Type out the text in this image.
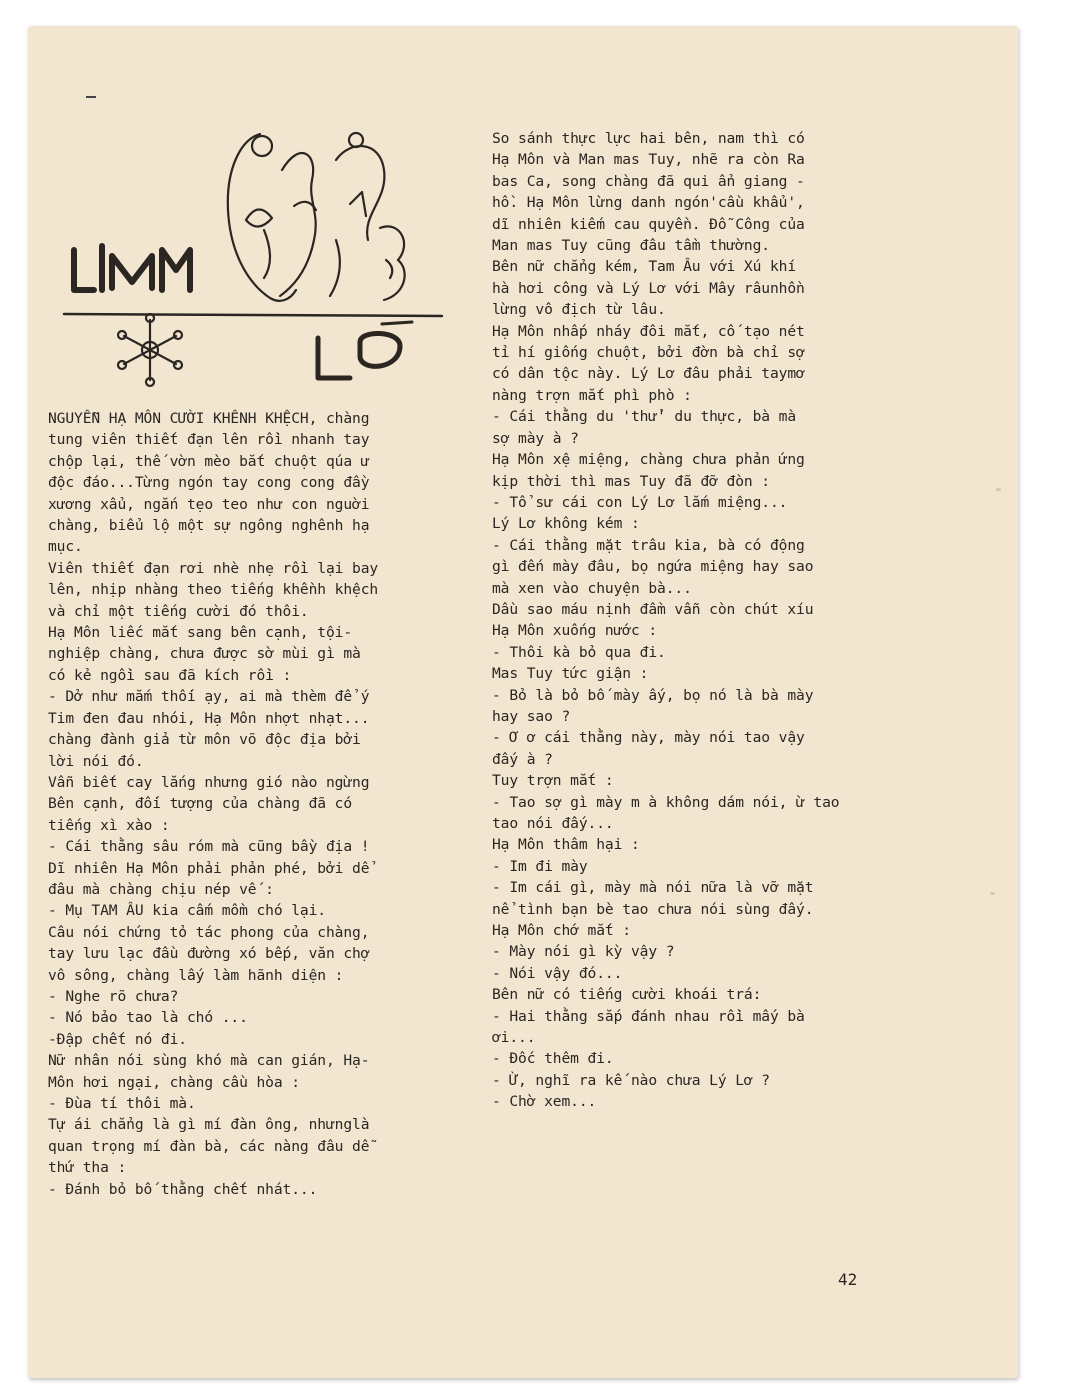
NGUYỄN HẠ MÔN CƯỜI KHÊNH KHỆCH, chàng
tung viên thiết đạn lên rồi nhanh tay
chộp lại, thế vờn mèo bắt chuột qúa ư
độc đáo...Từng ngón tay cong cong đầy
xương xẩu, ngắn tẹo teo như con nguời
chàng, biểu lộ một sự ngông nghênh hạ
mục.
Viên thiết đạn rơi nhè nhẹ rồi lại bay
lên, nhịp nhàng theo tiếng khềnh khệch
và chỉ một tiếng cười đó thôi.
Hạ Môn liếc mắt sang bên cạnh, tội-
nghiệp chàng, chưa được sờ mùi gì mà
có kẻ ngồi sau đã kích rồi :
- Dở như mắm thối ạy, ai mà thèm để ý
Tim đen đau nhói, Hạ Môn nhợt nhạt...
chàng đành giả từ môn võ độc địa bởi
lời nói đó.
Vẫn biết cay lắng nhưng gió nào ngừng
Bên cạnh, đối tượng của chàng đã có
tiếng xì xào :
- Cái thằng sâu róm mà cũng bầy địa !
Dĩ nhiên Hạ Môn phải phản phé, bởi dể
đâu mà chàng chịu nép vế :
- Mụ TAM ÂU kia cấm mồm chó lại.
Câu nói chứng tỏ tác phong của chàng,
tay lưu lạc đầu đường xó bếp, văn chợ
vô sông, chàng lấy làm hãnh diện :
- Nghe rõ chưa?
- Nó bảo tao là chó ...
-Đập chết nó đi.
Nữ nhân nói sùng khó mà can gián, Hạ-
Môn hơi ngại, chàng cầu hòa :
- Đùa tí thôi mà.
Tự ái chẳng là gì mí đàn ông, nhưnglà
quan trọng mí đàn bà, các nàng đâu dễ
thứ tha :
- Đánh bỏ bố thằng chết nhát...
So sánh thực lực hai bên, nam thì có
Hạ Môn và Man mas Tuy, nhẽ ra còn Ra
bas Ca, song chàng đã qui ẩn giang -
hồ. Hạ Môn lừng danh ngón'cầu khẩu',
dĩ nhiên kiếm cau quyền. Đỗ Công của
Man mas Tuy cũng đâu tầm thường.
Bên nữ chẳng kém, Tam Âu với Xú khí
hà hơi công và Lý Lơ với Mây râunhồn
lừng vô địch từ lâu.
Hạ Môn nhấp nháy đôi mắt, cố tạo nét
tỉ hí giống chuột, bởi đờn bà chỉ sợ
có dân tộc này. Lý Lơ đâu phải taymơ
nàng trợn mắt phì phò :
- Cái thằng du 'thử' du thực, bà mà
sợ mày à ?
Hạ Môn xệ miệng, chàng chưa phản ứng
kịp thời thì mas Tuy đã đỡ đòn :
- Tổ sư cái con Lý Lơ lắm miệng...
Lý Lơ không kém :
- Cái thằng mặt trâu kia, bà có động
gì đến mày đâu, bọ ngứa miệng hay sao
mà xen vào chuyện bà...
Dầu sao máu nịnh đầm vẫn còn chút xíu
Hạ Môn xuống nước :
- Thôi kà bỏ qua đi.
Mas Tuy tức giận :
- Bỏ là bỏ bố mày ấy, bọ nó là bà mày
hay sao ?
- Ơ ơ cái thằng này, mày nói tao vậy
đấy à ?
Tuy trợn mắt :
- Tao sợ gì mày m à không dám nói, ừ tao
tao nói đấy...
Hạ Môn thâm hại :
- Im đi mày
- Im cái gì, mày mà nói nữa là vỡ mặt
nể tình bạn bè tao chưa nói sùng đấy.
Hạ Môn chớ mắt :
- Mày nói gì kỳ vậy ?
- Nói vậy đó...
Bên nữ có tiếng cười khoái trá:
- Hai thằng sắp đánh nhau rồi mấy bà
ơi...
- Đốc thêm đi.
- Ừ, nghĩ ra kế nào chưa Lý Lơ ?
- Chờ xem...
42
